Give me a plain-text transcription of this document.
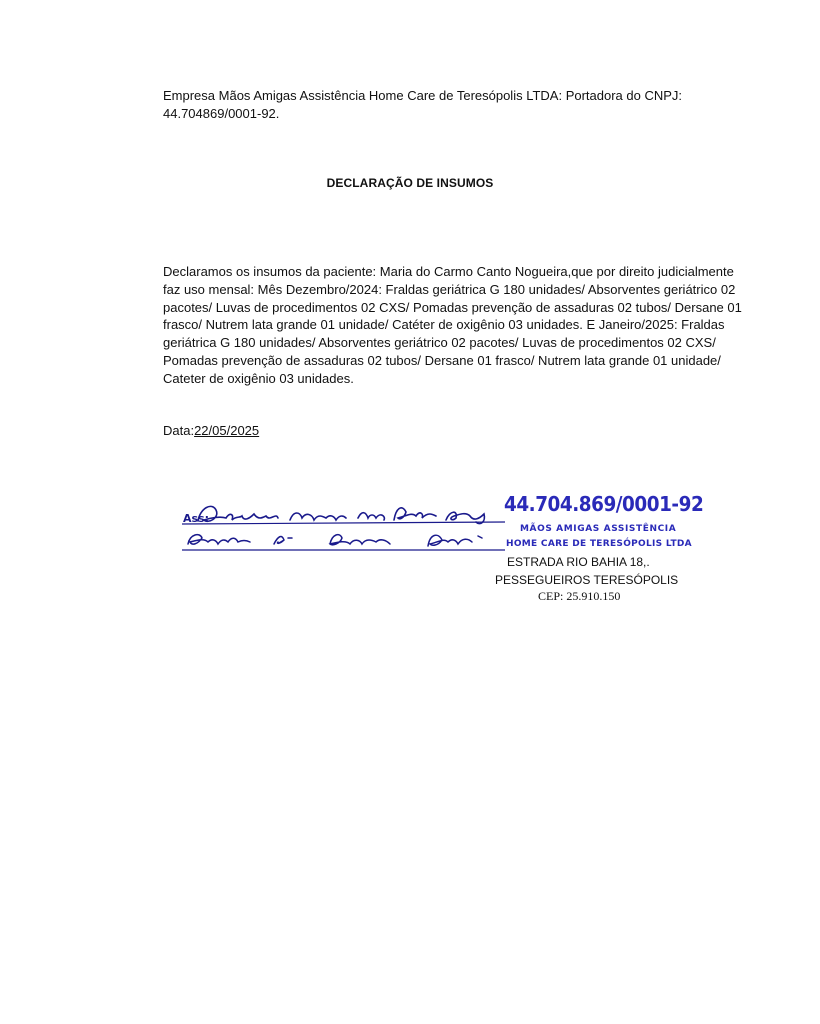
Empresa Mãos Amigas Assistência Home Care de Teresópolis LTDA: Portadora do CNPJ: 44.704869/0001-92.
DECLARAÇÃO DE INSUMOS
Declaramos os insumos da paciente: Maria do Carmo Canto Nogueira,que por direito judicialmente faz uso mensal: Mês Dezembro/2024: Fraldas geriátrica G 180 unidades/ Absorventes geriátrico 02 pacotes/ Luvas de procedimentos 02 CXS/ Pomadas prevenção de assaduras 02 tubos/ Dersane 01 frasco/ Nutrem lata grande 01 unidade/ Catéter de oxigênio 03 unidades. E Janeiro/2025: Fraldas geriátrica G 180 unidades/ Absorventes geriátrico 02 pacotes/ Luvas de procedimentos 02 CXS/ Pomadas prevenção de assaduras 02 tubos/ Dersane 01 frasco/ Nutrem lata grande 01 unidade/ Cateter de oxigênio 03 unidades.
Data:22/05/2025
Ass:
44.704.869/0001-92
MÃOS AMIGAS ASSISTÊNCIA
HOME CARE DE TERESÓPOLIS LTDA
ESTRADA RIO BAHIA 18,.
PESSEGUEIROS TERESÓPOLIS
CEP: 25.910.150
